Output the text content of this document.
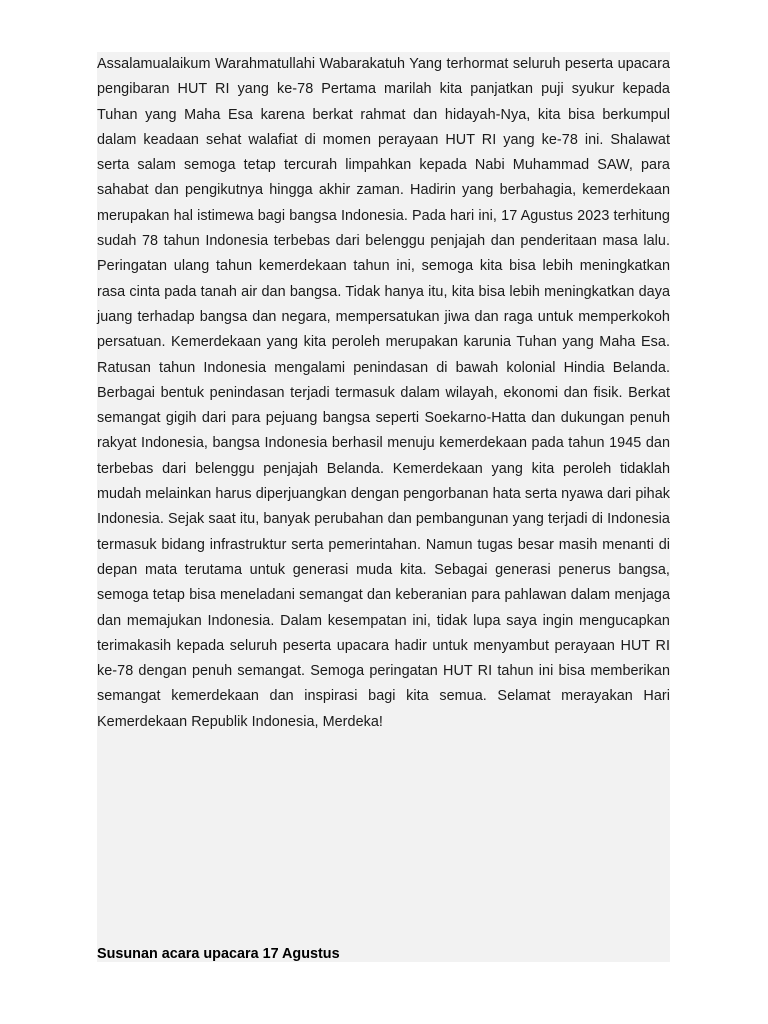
Assalamualaikum Warahmatullahi Wabarakatuh Yang terhormat seluruh peserta upacara pengibaran HUT RI yang ke-78 Pertama marilah kita panjatkan puji syukur kepada Tuhan yang Maha Esa karena berkat rahmat dan hidayah-Nya, kita bisa berkumpul dalam keadaan sehat walafiat di momen perayaan HUT RI yang ke-78 ini. Shalawat serta salam semoga tetap tercurah limpahkan kepada Nabi Muhammad SAW, para sahabat dan pengikutnya hingga akhir zaman. Hadirin yang berbahagia, kemerdekaan merupakan hal istimewa bagi bangsa Indonesia. Pada hari ini, 17 Agustus 2023 terhitung sudah 78 tahun Indonesia terbebas dari belenggu penjajah dan penderitaan masa lalu. Peringatan ulang tahun kemerdekaan tahun ini, semoga kita bisa lebih meningkatkan rasa cinta pada tanah air dan bangsa. Tidak hanya itu, kita bisa lebih meningkatkan daya juang terhadap bangsa dan negara, mempersatukan jiwa dan raga untuk memperkokoh persatuan. Kemerdekaan yang kita peroleh merupakan karunia Tuhan yang Maha Esa. Ratusan tahun Indonesia mengalami penindasan di bawah kolonial Hindia Belanda. Berbagai bentuk penindasan terjadi termasuk dalam wilayah, ekonomi dan fisik. Berkat semangat gigih dari para pejuang bangsa seperti Soekarno-Hatta dan dukungan penuh rakyat Indonesia, bangsa Indonesia berhasil menuju kemerdekaan pada tahun 1945 dan terbebas dari belenggu penjajah Belanda. Kemerdekaan yang kita peroleh tidaklah mudah melainkan harus diperjuangkan dengan pengorbanan hata serta nyawa dari pihak Indonesia. Sejak saat itu, banyak perubahan dan pembangunan yang terjadi di Indonesia termasuk bidang infrastruktur serta pemerintahan. Namun tugas besar masih menanti di depan mata terutama untuk generasi muda kita. Sebagai generasi penerus bangsa, semoga tetap bisa meneladani semangat dan keberanian para pahlawan dalam menjaga dan memajukan Indonesia. Dalam kesempatan ini, tidak lupa saya ingin mengucapkan terimakasih kepada seluruh peserta upacara hadir untuk menyambut perayaan HUT RI ke-78 dengan penuh semangat. Semoga peringatan HUT RI tahun ini bisa memberikan semangat kemerdekaan dan inspirasi bagi kita semua. Selamat merayakan Hari Kemerdekaan Republik Indonesia, Merdeka!

Susunan acara upacara 17 Agustus
